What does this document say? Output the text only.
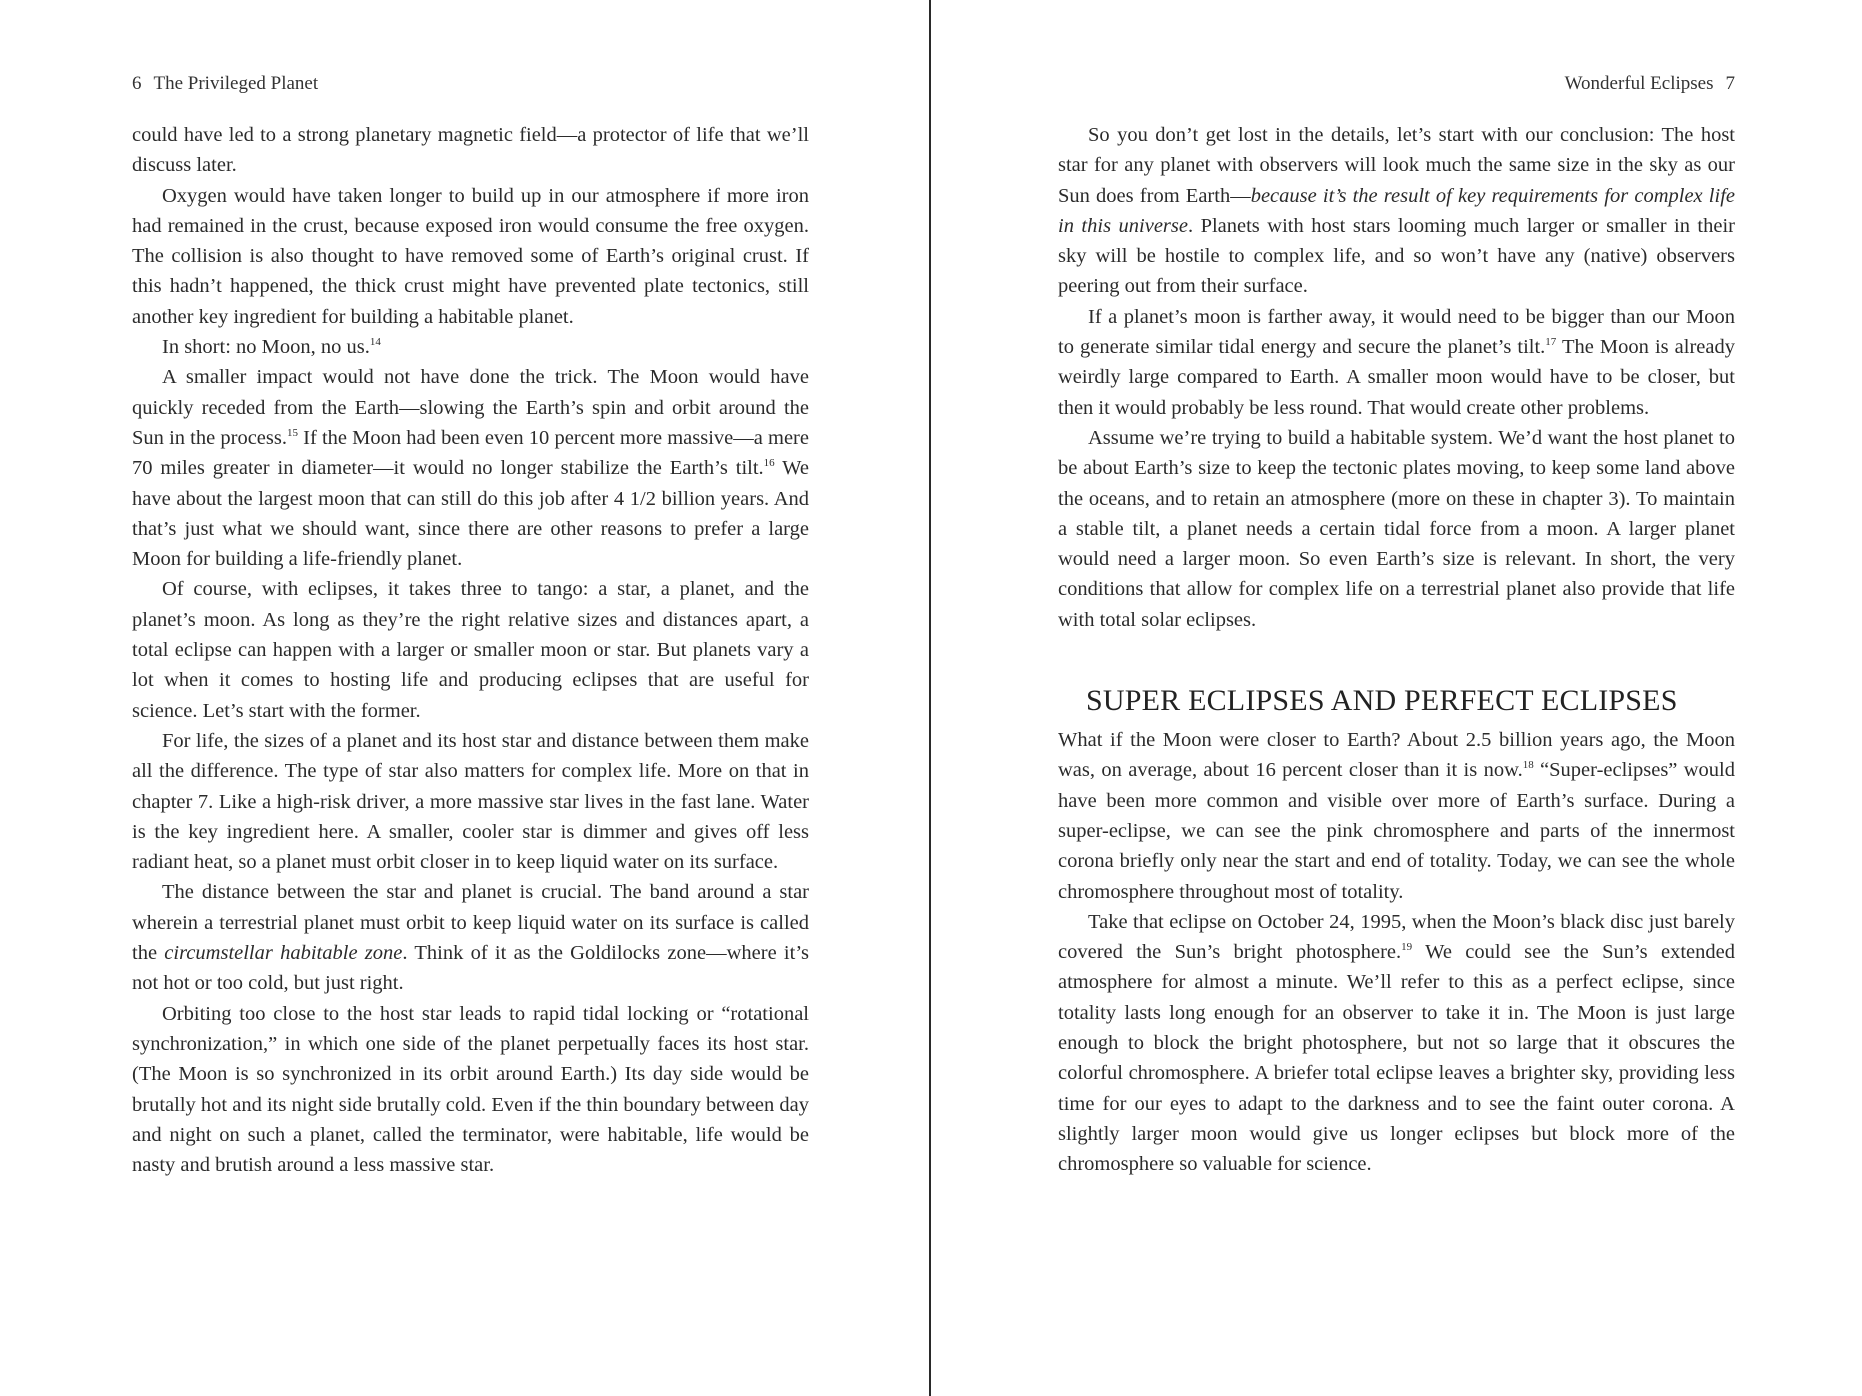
6 The Privileged Planet

could have led to a strong planetary magnetic field—a protector of life that we’ll discuss later.

Oxygen would have taken longer to build up in our atmosphere if more iron had remained in the crust, because exposed iron would consume the free oxygen. The collision is also thought to have removed some of Earth’s original crust. If this hadn’t happened, the thick crust might have prevented plate tectonics, still another key ingredient for building a habitable planet.

In short: no Moon, no us.$^{14}$

A smaller impact would not have done the trick. The Moon would have quickly receded from the Earth—slowing the Earth’s spin and orbit around the Sun in the process.$^{15}$ If the Moon had been even 10 percent more massive—a mere 70 miles greater in diameter—it would no longer stabilize the Earth’s tilt.$^{16}$ We have about the largest moon that can still do this job after 4 1/2 billion years. And that’s just what we should want, since there are other reasons to prefer a large Moon for building a life-friendly planet.

Of course, with eclipses, it takes three to tango: a star, a planet, and the planet’s moon. As long as they’re the right relative sizes and distances apart, a total eclipse can happen with a larger or smaller moon or star. But planets vary a lot when it comes to hosting life and producing eclipses that are useful for science. Let’s start with the former.

For life, the sizes of a planet and its host star and distance between them make all the difference. The type of star also matters for complex life. More on that in chapter 7. Like a high-risk driver, a more massive star lives in the fast lane. Water is the key ingredient here. A smaller, cooler star is dimmer and gives off less radiant heat, so a planet must orbit closer in to keep liquid water on its surface.

The distance between the star and planet is crucial. The band around a star wherein a terrestrial planet must orbit to keep liquid water on its surface is called the circumstellar habitable zone. Think of it as the Goldilocks zone—where it’s not hot or too cold, but just right.

Orbiting too close to the host star leads to rapid tidal locking or “rotational synchronization,” in which one side of the planet perpetually faces its host star. (The Moon is so synchronized in its orbit around Earth.) Its day side would be brutally hot and its night side brutally cold. Even if the thin boundary between day and night on such a planet, called the terminator, were habitable, life would be nasty and brutish around a less massive star.

Wonderful Eclipses 7

So you don’t get lost in the details, let’s start with our conclusion: The host star for any planet with observers will look much the same size in the sky as our Sun does from Earth—because it’s the result of key requirements for complex life in this universe. Planets with host stars looming much larger or smaller in their sky will be hostile to complex life, and so won’t have any (native) observers peering out from their surface.

If a planet’s moon is farther away, it would need to be bigger than our Moon to generate similar tidal energy and secure the planet’s tilt.$^{17}$ The Moon is already weirdly large compared to Earth. A smaller moon would have to be closer, but then it would probably be less round. That would create other problems.

Assume we’re trying to build a habitable system. We’d want the host planet to be about Earth’s size to keep the tectonic plates moving, to keep some land above the oceans, and to retain an atmosphere (more on these in chapter 3). To maintain a stable tilt, a planet needs a certain tidal force from a moon. A larger planet would need a larger moon. So even Earth’s size is relevant. In short, the very conditions that allow for complex life on a terrestrial planet also provide that life with total solar eclipses.

SUPER ECLIPSES AND PERFECT ECLIPSES

What if the Moon were closer to Earth? About 2.5 billion years ago, the Moon was, on average, about 16 percent closer than it is now.$^{18}$ “Super-eclipses” would have been more common and visible over more of Earth’s surface. During a super-eclipse, we can see the pink chromosphere and parts of the innermost corona briefly only near the start and end of totality. Today, we can see the whole chromosphere throughout most of totality.

Take that eclipse on October 24, 1995, when the Moon’s black disc just barely covered the Sun’s bright photosphere.$^{19}$ We could see the Sun’s extended atmosphere for almost a minute. We’ll refer to this as a perfect eclipse, since totality lasts long enough for an observer to take it in. The Moon is just large enough to block the bright photosphere, but not so large that it obscures the colorful chromosphere. A briefer total eclipse leaves a brighter sky, providing less time for our eyes to adapt to the darkness and to see the faint outer corona. A slightly larger moon would give us longer eclipses but block more of the chromosphere so valuable for science.
